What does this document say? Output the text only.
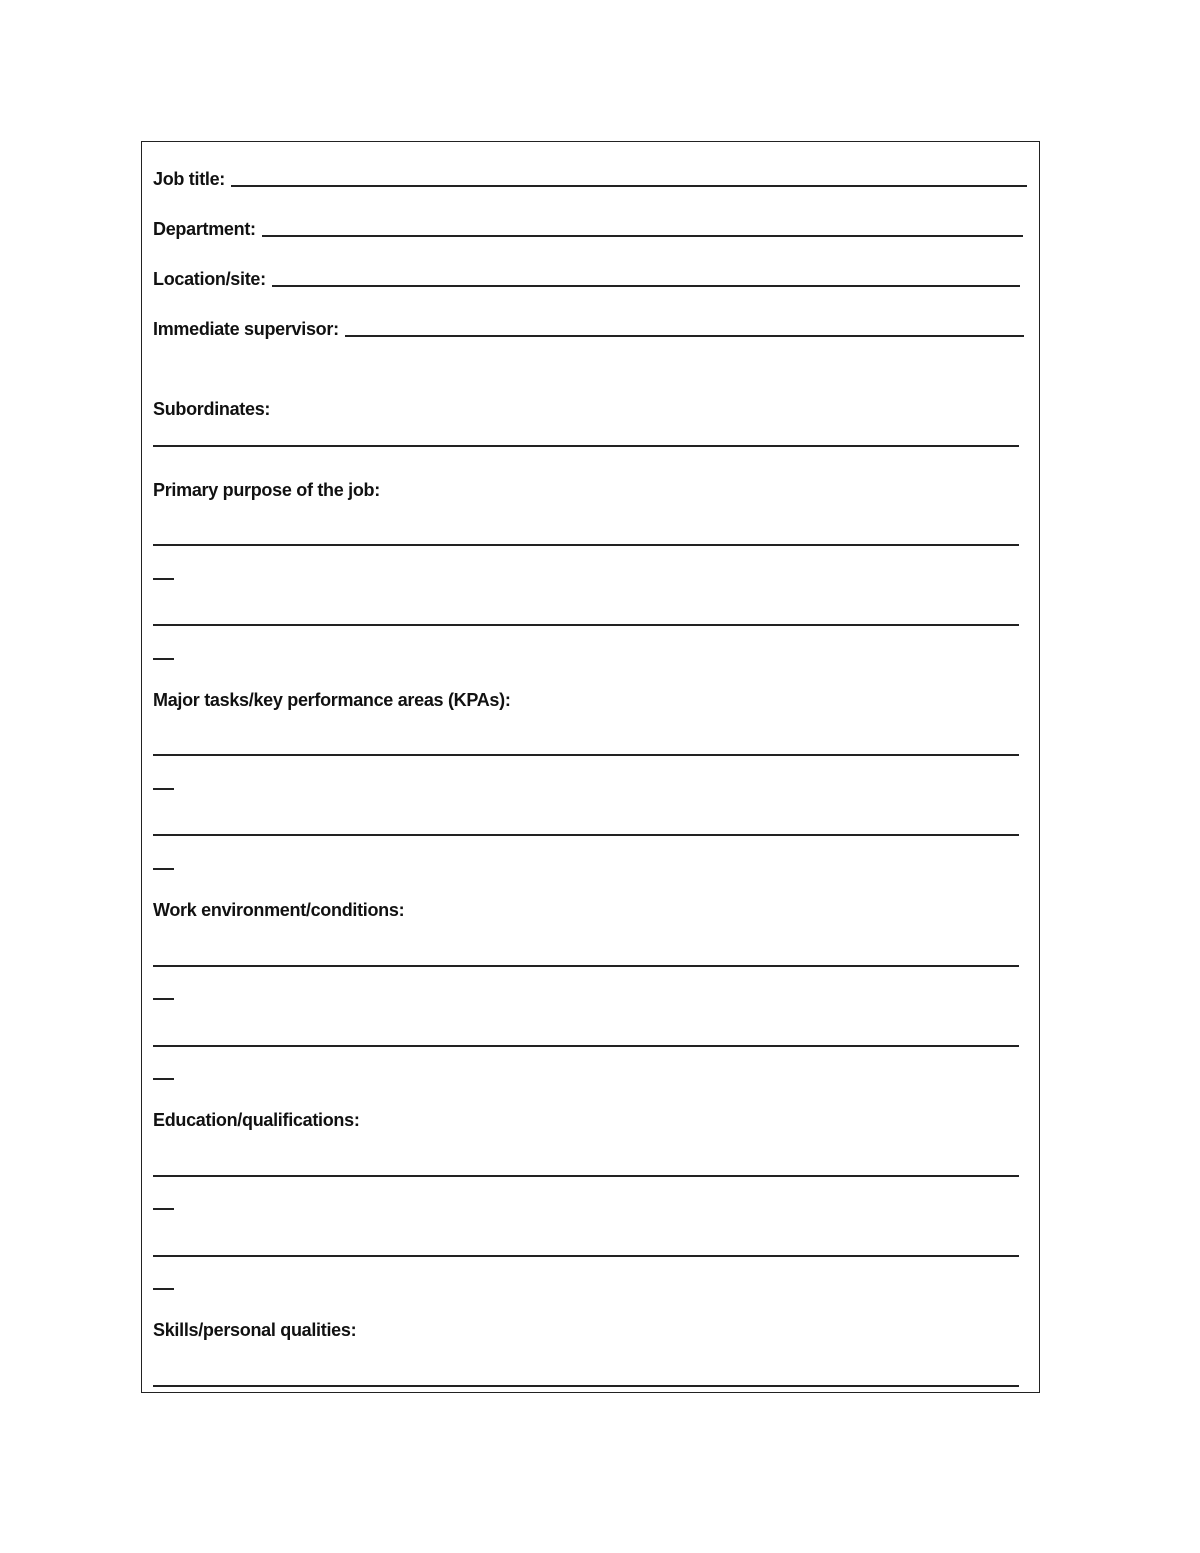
Job title:
Department:
Location/site:
Immediate supervisor:
Subordinates:
Primary purpose of the job:
Major tasks/key performance areas (KPAs):
Work environment/conditions:
Education/qualifications:
Skills/personal qualities:
